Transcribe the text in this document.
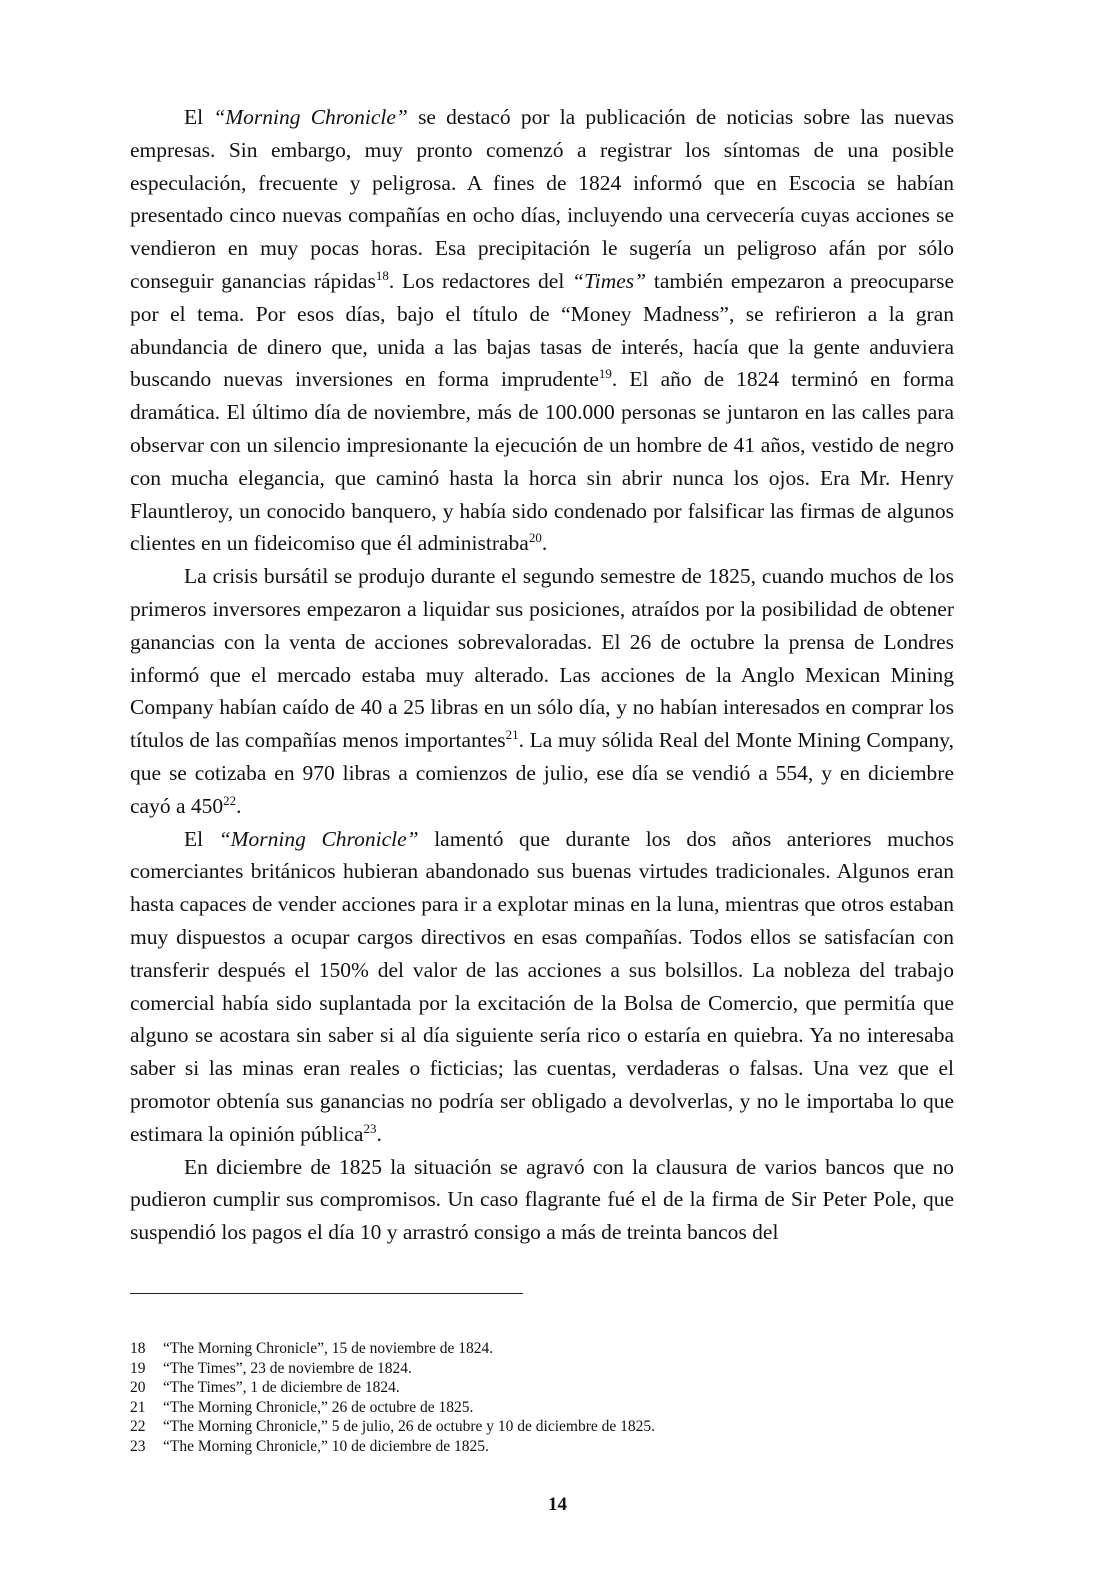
El “Morning Chronicle” se destacó por la publicación de noticias sobre las nuevas empresas. Sin embargo, muy pronto comenzó a registrar los síntomas de una posible especulación, frecuente y peligrosa. A fines de 1824 informó que en Escocia se habían presentado cinco nuevas compañías en ocho días, incluyendo una cervecería cuyas acciones se vendieron en muy pocas horas. Esa precipitación le sugería un peligroso afán por sólo conseguir ganancias rápidas$^{18}$. Los redactores del “Times” también empezaron a preocuparse por el tema. Por esos días, bajo el título de “Money Madness”, se refirieron a la gran abundancia de dinero que, unida a las bajas tasas de interés, hacía que la gente anduviera buscando nuevas inversiones en forma imprudente$^{19}$. El año de 1824 terminó en forma dramática. El último día de noviembre, más de 100.000 personas se juntaron en las calles para observar con un silencio impresionante la ejecución de un hombre de 41 años, vestido de negro con mucha elegancia, que caminó hasta la horca sin abrir nunca los ojos. Era Mr. Henry Flauntleroy, un conocido banquero, y había sido condenado por falsificar las firmas de algunos clientes en un fideicomiso que él administraba$^{20}$.

La crisis bursátil se produjo durante el segundo semestre de 1825, cuando muchos de los primeros inversores empezaron a liquidar sus posiciones, atraídos por la posibilidad de obtener ganancias con la venta de acciones sobrevaloradas. El 26 de octubre la prensa de Londres informó que el mercado estaba muy alterado. Las acciones de la Anglo Mexican Mining Company habían caído de 40 a 25 libras en un sólo día, y no habían interesados en comprar los títulos de las compañías menos importantes$^{21}$. La muy sólida Real del Monte Mining Company, que se cotizaba en 970 libras a comienzos de julio, ese día se vendió a 554, y en diciembre cayó a $450^{22}$.

El “Morning Chronicle” lamentó que durante los dos años anteriores muchos comerciantes británicos hubieran abandonado sus buenas virtudes tradicionales. Algunos eran hasta capaces de vender acciones para ir a explotar minas en la luna, mientras que otros estaban muy dispuestos a ocupar cargos directivos en esas compañías. Todos ellos se satisfacían con transferir después el 150% del valor de las acciones a sus bolsillos. La nobleza del trabajo comercial había sido suplantada por la excitación de la Bolsa de Comercio, que permitía que alguno se acostara sin saber si al día siguiente sería rico o estaría en quiebra. Ya no interesaba saber si las minas eran reales o ficticias; las cuentas, verdaderas o falsas. Una vez que el promotor obtenía sus ganancias no podría ser obligado a devolverlas, y no le importaba lo que estimara la opinión pública$^{23}$.

En diciembre de 1825 la situación se agravó con la clausura de varios bancos que no pudieron cumplir sus compromisos. Un caso flagrante fué el de la firma de Sir Peter Pole, que suspendió los pagos el día 10 y arrastró consigo a más de treinta bancos del

18	“The Morning Chronicle”, 15 de noviembre de 1824.
19	“The Times”, 23 de noviembre de 1824.
20	“The Times”, 1 de diciembre de 1824.
21	“The Morning Chronicle,” 26 de octubre de 1825.
22	“The Morning Chronicle,” 5 de julio, 26 de octubre y 10 de diciembre de 1825.
23	“The Morning Chronicle,” 10 de diciembre de 1825.
14
